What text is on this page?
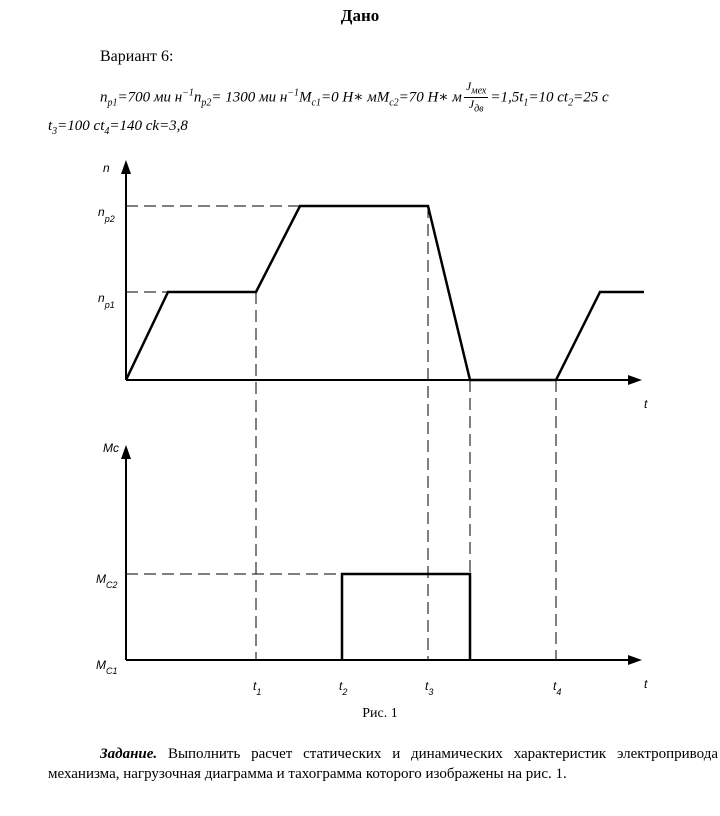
Дано
Вариант 6:
$n_{p1}=700$ ми $н^{-1}n_{p2}= 1300$ ми $н^{-1}M_{c1}=0$ H∗ $мM_{c2}=70$ H∗ м $\frac{J_{мех}}{J_{дв}} =1,5t_1=10$ $ct_2=25$ c
$t_3=100$ $ct_4=140$ ck=3,8
n
t
$n_{p2}$
$n_{p1}$
Mc
t
$M_{C2}$
$M_{C1}$
$t_1$	$t_2$	$t_3$	$t_4$
Рис. 1
Задание. Выполнить расчет статических и динамических характеристик электропривода механизма, нагрузочная диаграмма и тахограмма которого изображены на рис. 1.
